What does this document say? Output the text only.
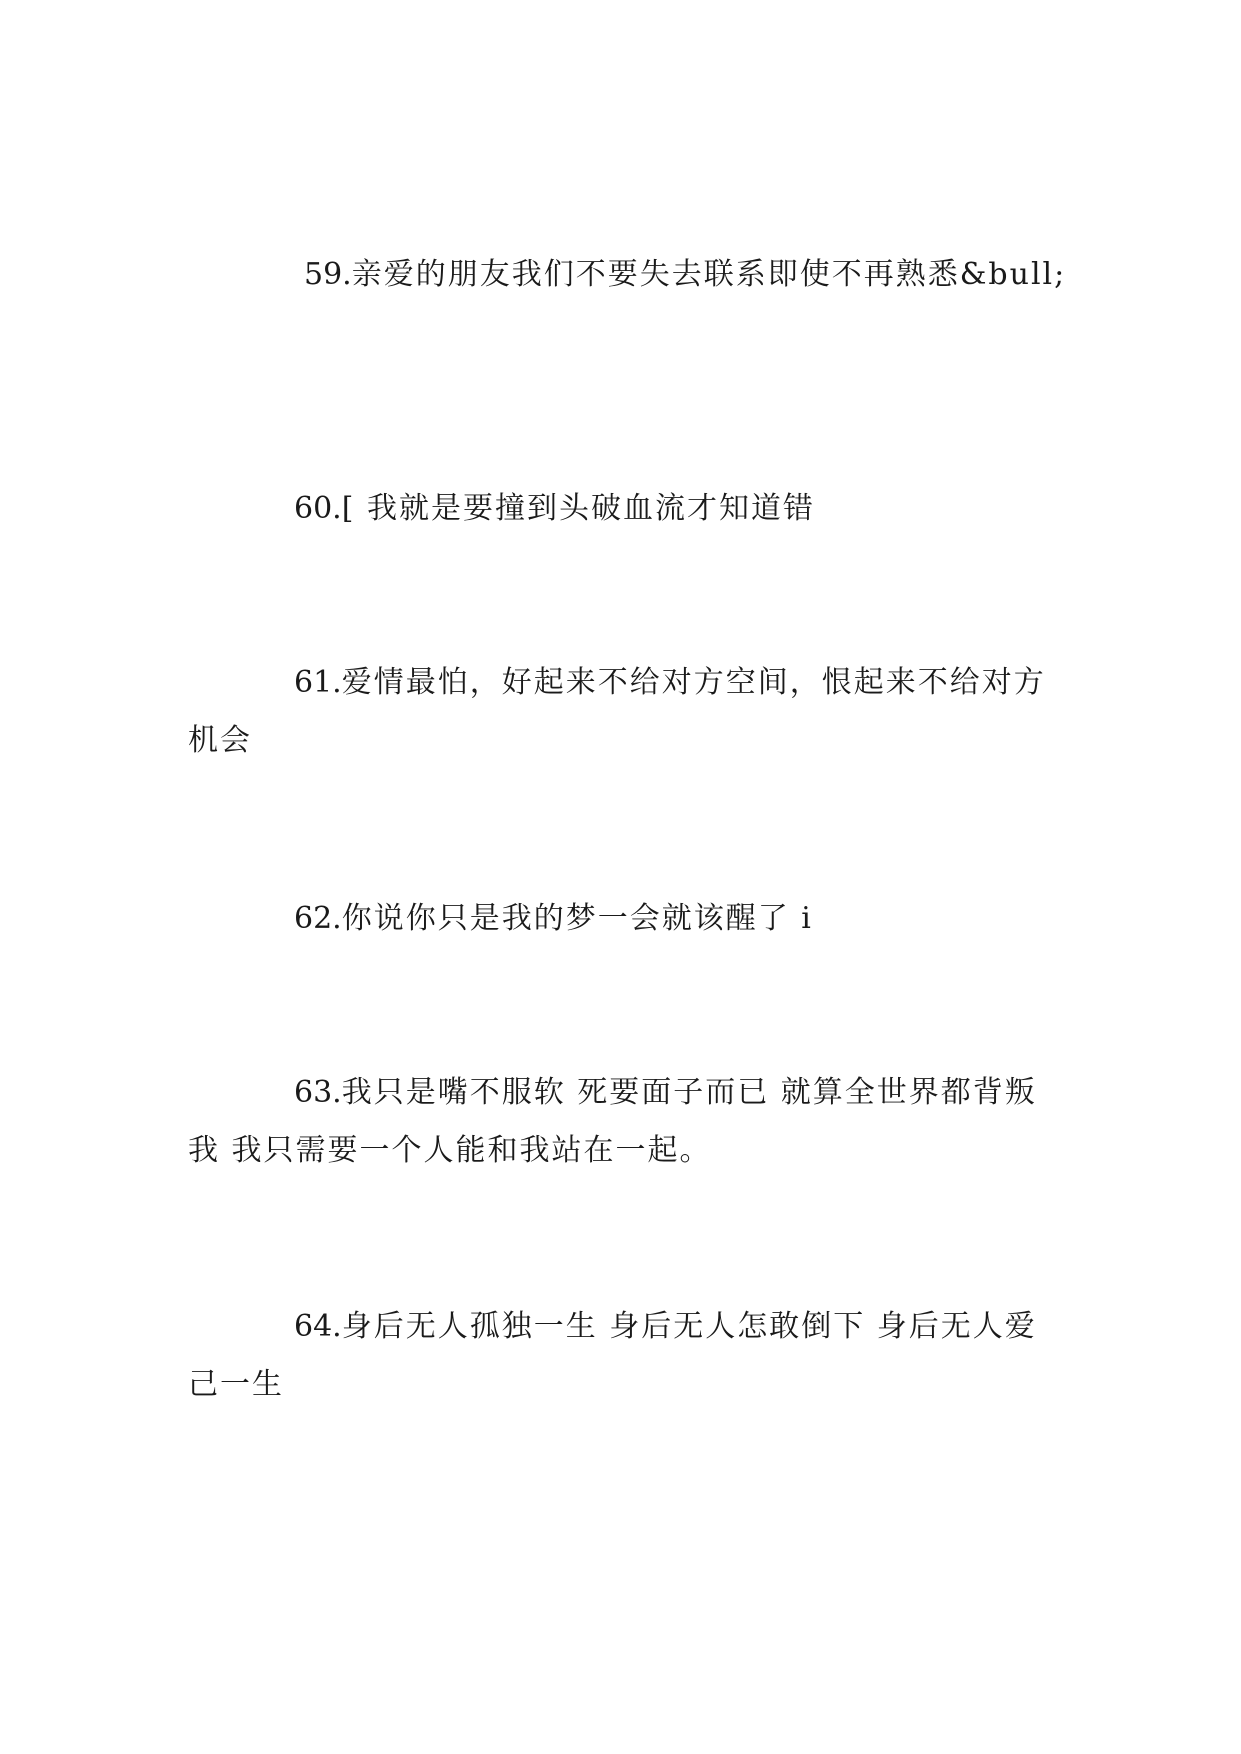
59.亲爱的朋友我们不要失去联系即使不再熟悉&bull;

60.[ 我就是要撞到头破血流才知道错

61.爱情最怕，好起来不给对方空间，恨起来不给对方机会

62.你说你只是我的梦一会就该醒了 i

63.我只是嘴不服软 死要面子而已 就算全世界都背叛我 我只需要一个人能和我站在一起。

64.身后无人孤独一生 身后无人怎敢倒下 身后无人爱己一生
